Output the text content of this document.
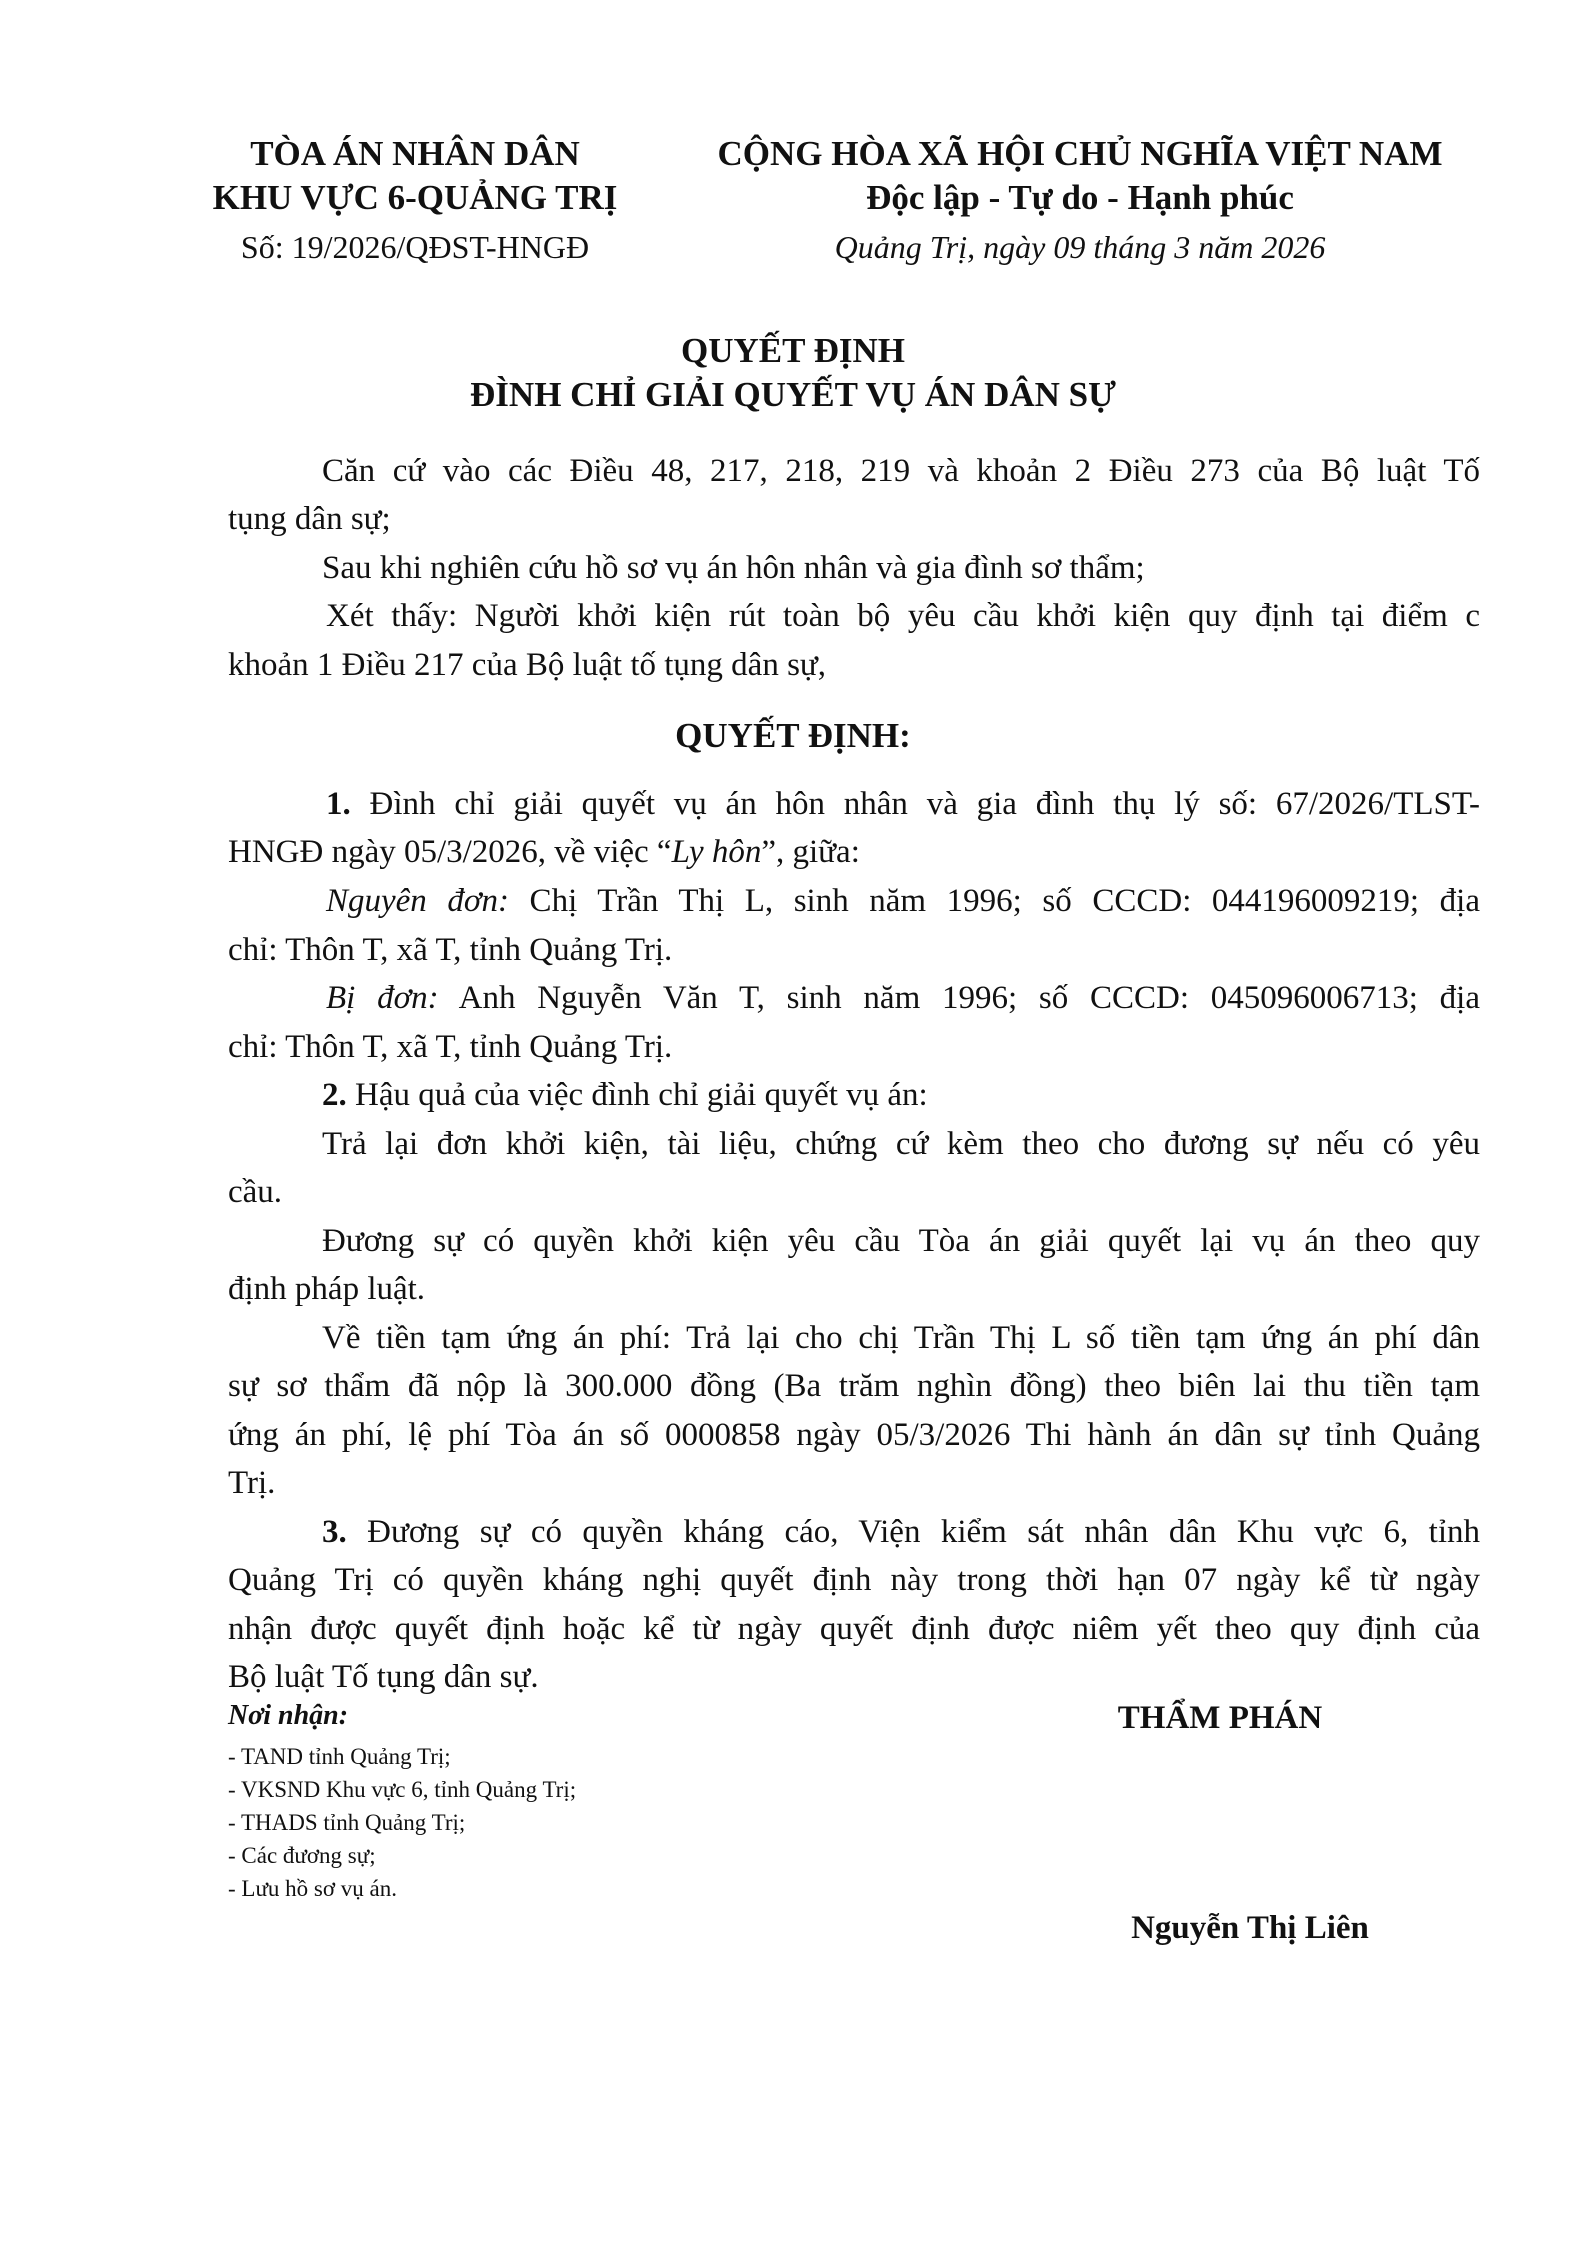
TÒA ÁN NHÂN DÂN
KHU VỰC 6-QUẢNG TRỊ
Số: 19/2026/QĐST-HNGĐ
CỘNG HÒA XÃ HỘI CHỦ NGHĨA VIỆT NAM
Độc lập - Tự do - Hạnh phúc
Quảng Trị, ngày 09 tháng 3 năm 2026
QUYẾT ĐỊNH
ĐÌNH CHỈ GIẢI QUYẾT VỤ ÁN DÂN SỰ
Căn cứ vào các Điều 48, 217, 218, 219 và khoản 2 Điều 273 của Bộ luật Tố
tụng dân sự;
Sau khi nghiên cứu hồ sơ vụ án hôn nhân và gia đình sơ thẩm;
Xét thấy: Người khởi kiện rút toàn bộ yêu cầu khởi kiện quy định tại điểm c
khoản 1 Điều 217 của Bộ luật tố tụng dân sự,
QUYẾT ĐỊNH:
1. Đình chỉ giải quyết vụ án hôn nhân và gia đình thụ lý số: 67/2026/TLST-
HNGĐ ngày 05/3/2026, về việc “Ly hôn”, giữa:
Nguyên đơn: Chị Trần Thị L, sinh năm 1996; số CCCD: 044196009219; địa
chỉ: Thôn T, xã T, tỉnh Quảng Trị.
Bị đơn: Anh Nguyễn Văn T, sinh năm 1996; số CCCD: 045096006713; địa
chỉ: Thôn T, xã T, tỉnh Quảng Trị.
2. Hậu quả của việc đình chỉ giải quyết vụ án:
Trả lại đơn khởi kiện, tài liệu, chứng cứ kèm theo cho đương sự nếu có yêu
cầu.
Đương sự có quyền khởi kiện yêu cầu Tòa án giải quyết lại vụ án theo quy
định pháp luật.
Về tiền tạm ứng án phí: Trả lại cho chị Trần Thị L số tiền tạm ứng án phí dân
sự sơ thẩm đã nộp là 300.000 đồng (Ba trăm nghìn đồng) theo biên lai thu tiền tạm
ứng án phí, lệ phí Tòa án số 0000858 ngày 05/3/2026 Thi hành án dân sự tỉnh Quảng
Trị.
3. Đương sự có quyền kháng cáo, Viện kiểm sát nhân dân Khu vực 6, tỉnh
Quảng Trị có quyền kháng nghị quyết định này trong thời hạn 07 ngày kể từ ngày
nhận được quyết định hoặc kể từ ngày quyết định được niêm yết theo quy định của
Bộ luật Tố tụng dân sự.
Nơi nhận:
- TAND tỉnh Quảng Trị;
- VKSND Khu vực 6, tỉnh Quảng Trị;
- THADS tỉnh Quảng Trị;
- Các đương sự;
- Lưu hồ sơ vụ án.
THẨM PHÁN
Nguyễn Thị Liên
